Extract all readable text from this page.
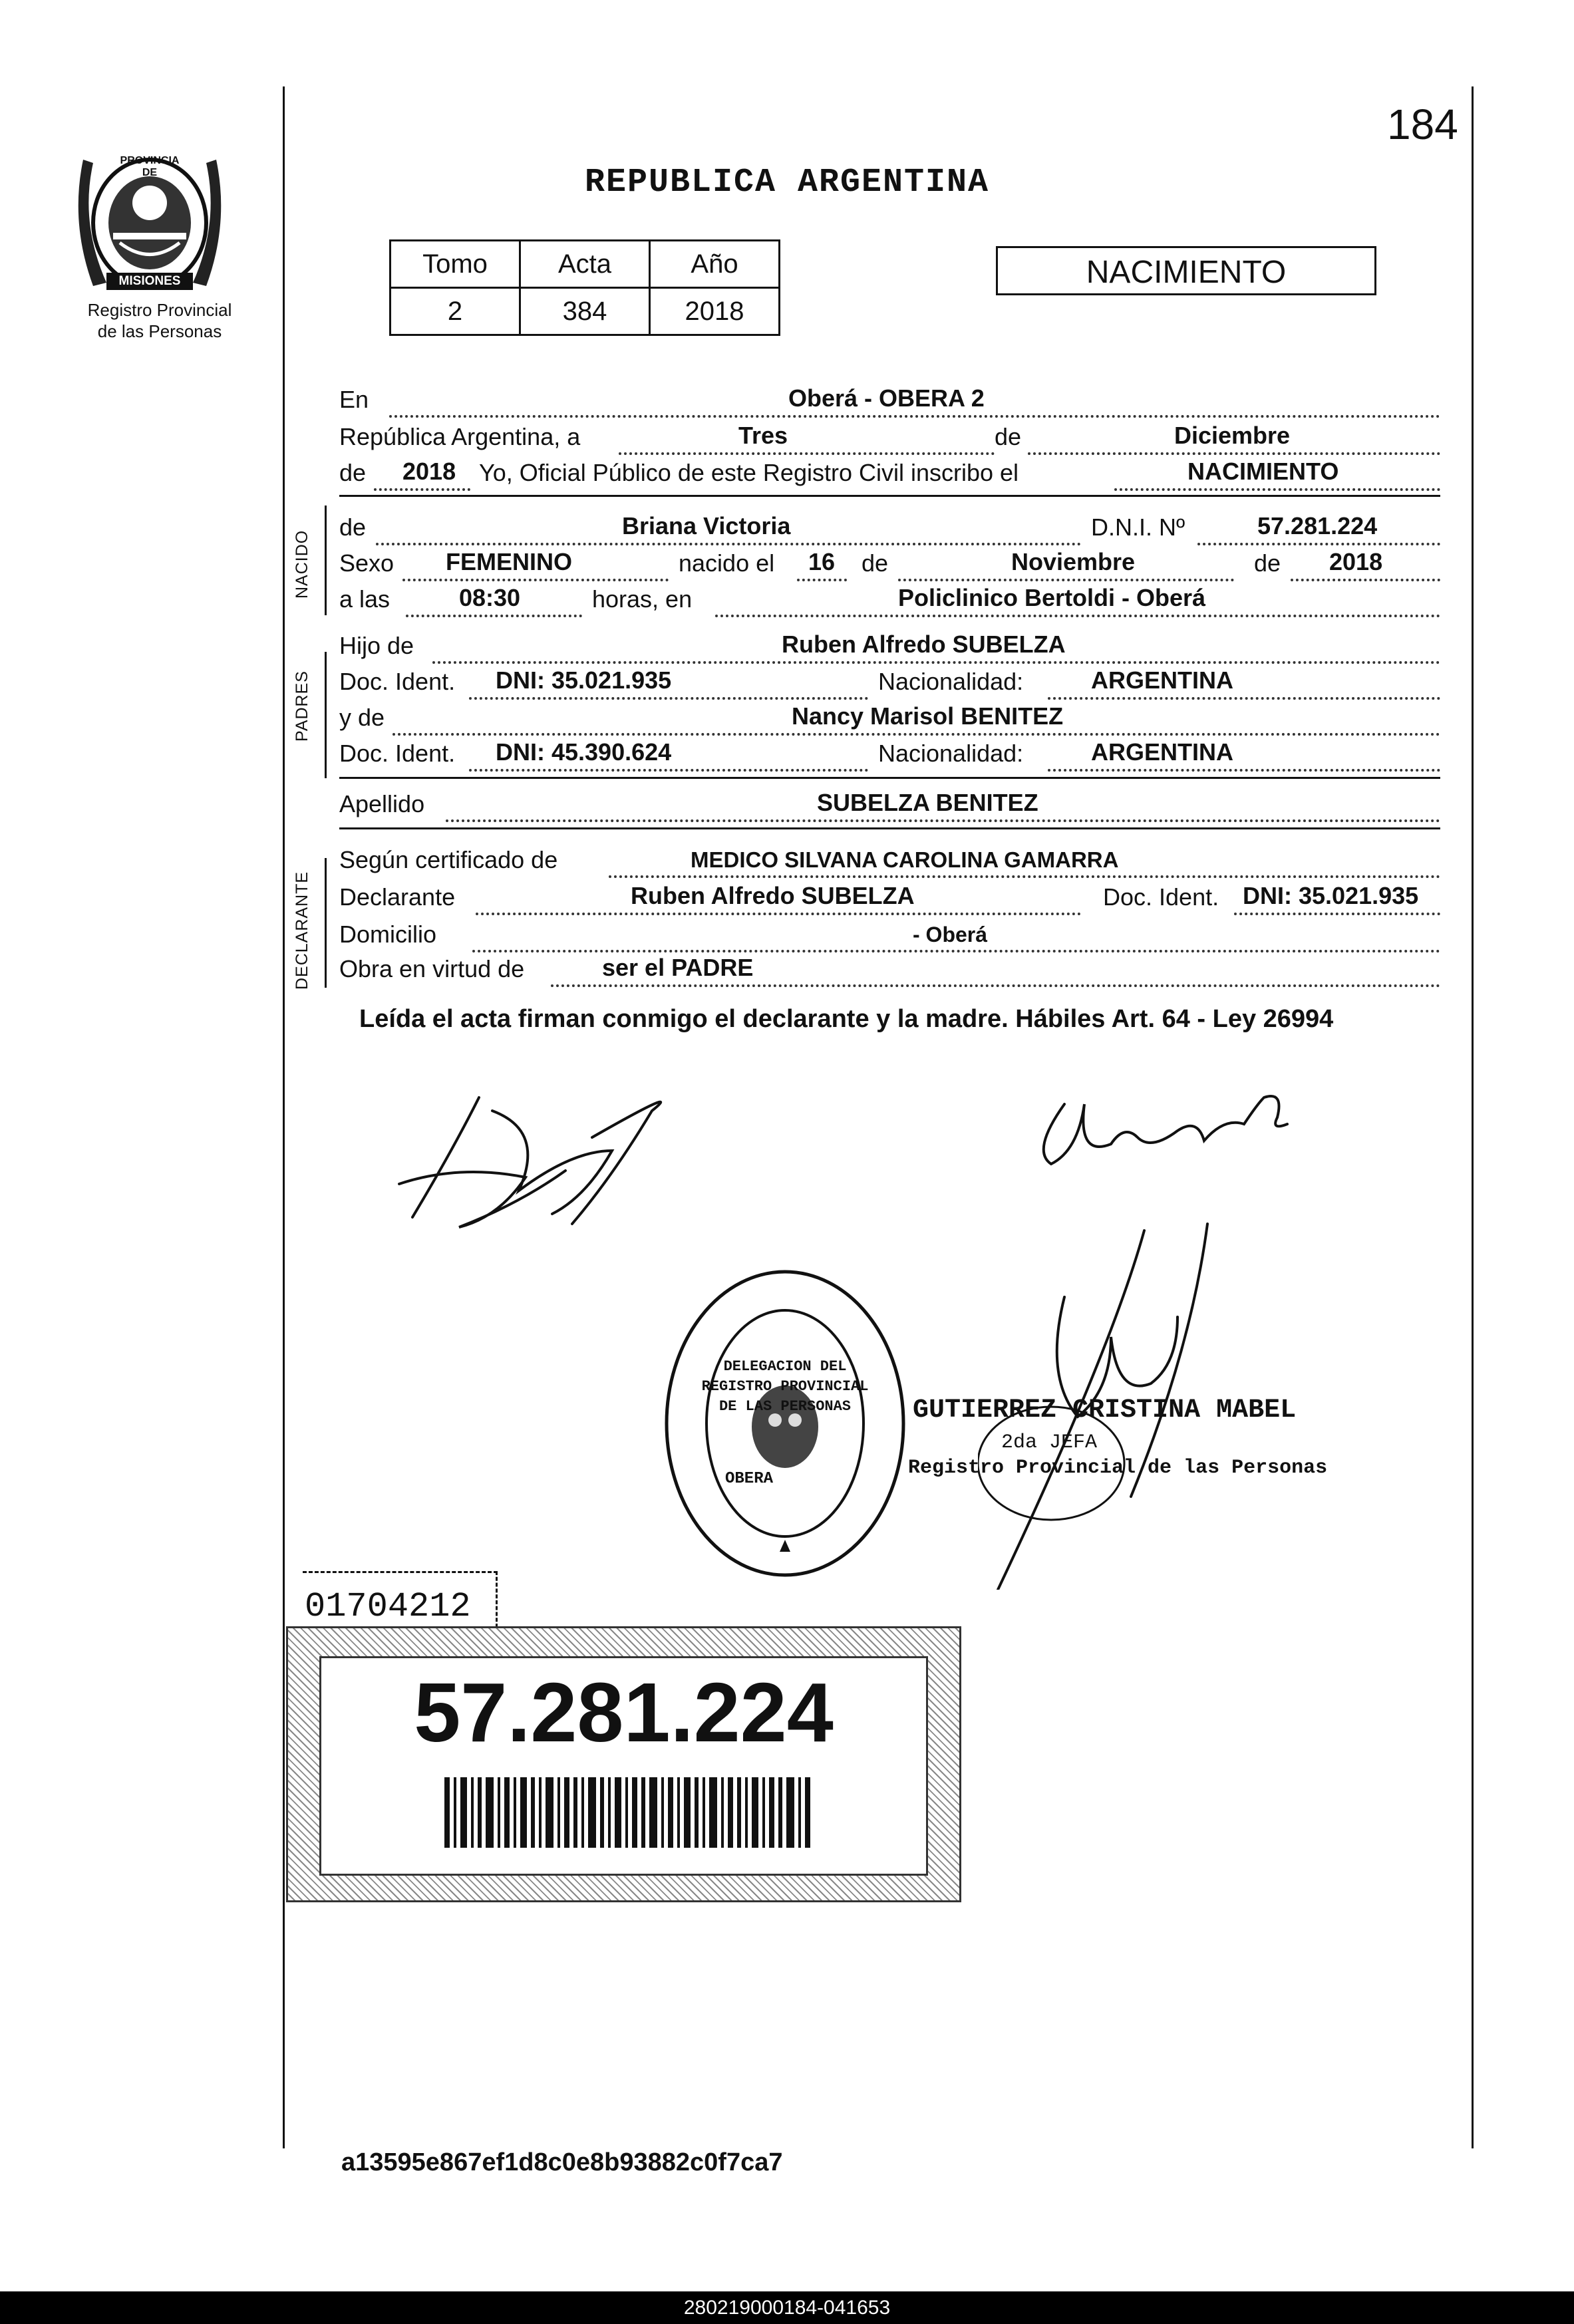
184
PROVINCIA DE
MISIONES
Registro Provincial
de las Personas
REPUBLICA ARGENTINA
Tomo	Acta	Año
2	384	2018
NACIMIENTO
En	Oberá - OBERA 2
República Argentina, a	Tres	de	Diciembre
de 2018 Yo, Oficial Público de este Registro Civil inscribo el	NACIMIENTO
NACIDO
de	Briana Victoria	D.N.I. Nº	57.281.224
Sexo FEMENINO	nacido el 16 de	Noviembre	de 2018
a las	08:30	horas, en	Policlinico Bertoldi - Oberá
PADRES
Hijo de	Ruben Alfredo SUBELZA
Doc. Ident. DNI: 35.021.935	Nacionalidad:	ARGENTINA
y de	Nancy Marisol BENITEZ
Doc. Ident. DNI: 45.390.624	Nacionalidad:	ARGENTINA
Apellido	SUBELZA BENITEZ
DECLARANTE
Según certificado de	MEDICO SILVANA CAROLINA GAMARRA
Declarante	Ruben Alfredo SUBELZA	Doc. Ident. DNI: 35.021.935
Domicilio	- Oberá
Obra en virtud de	ser el PADRE
Leída el acta firman conmigo el declarante y la madre. Hábiles Art. 64 - Ley 26994
DELEGACION DEL REGISTRO PROVINCIAL DE LAS PERSONAS
OBERA
GUTIERREZ CRISTINA MABEL
2da JEFA
Registro Provincial de las Personas
01704212
57.281.224
a13595e867ef1d8c0e8b93882c0f7ca7
280219000184-041653
